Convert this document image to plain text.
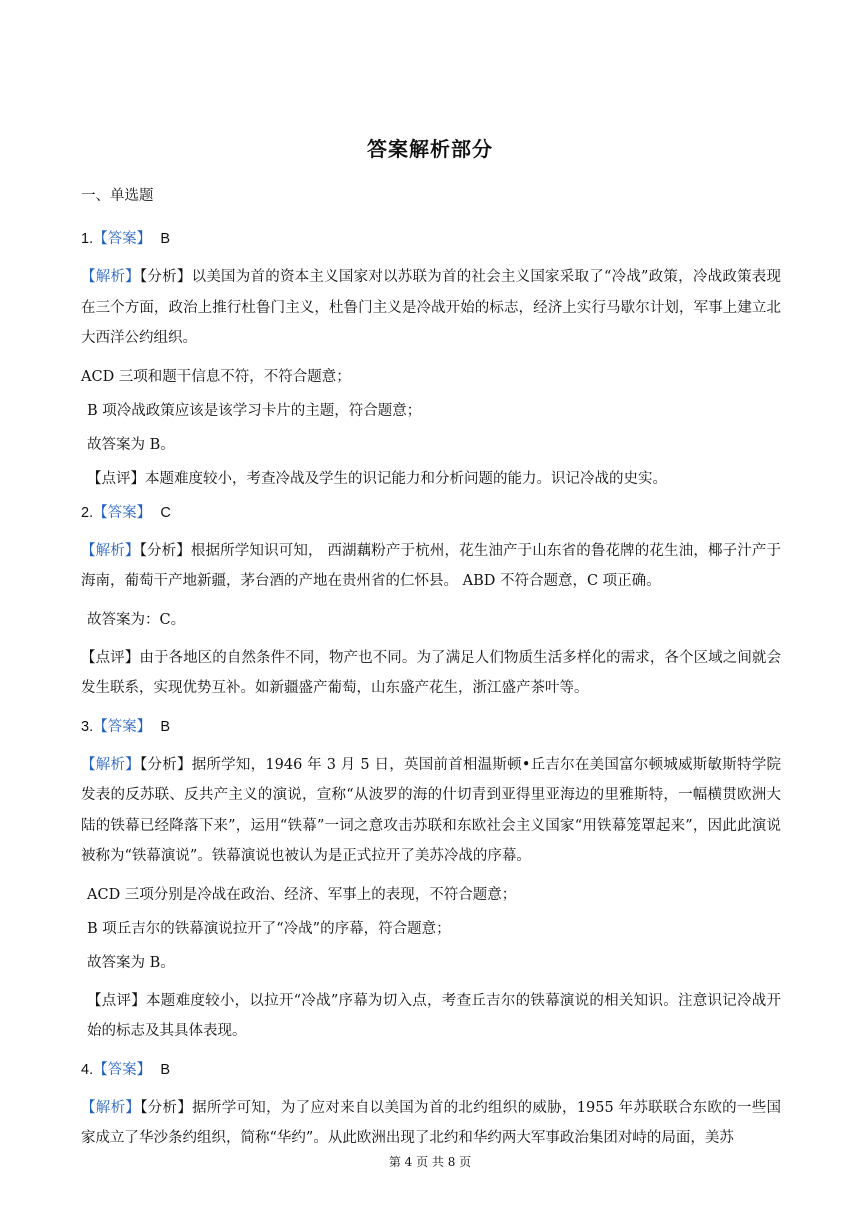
答案解析部分
一、单选题
1.【答案】 B
【解析】【分析】以美国为首的资本主义国家对以苏联为首的社会主义国家采取了“冷战”政策，冷战政策表现在三个方面，政治上推行杜鲁门主义，杜鲁门主义是冷战开始的标志，经济上实行马歇尔计划，军事上建立北大西洋公约组织。
ACD 三项和题干信息不符，不符合题意；
B 项冷战政策应该是该学习卡片的主题，符合题意；
故答案为 B。
【点评】本题难度较小，考查冷战及学生的识记能力和分析问题的能力。识记冷战的史实。
2.【答案】 C
【解析】【分析】根据所学知识可知， 西湖藕粉产于杭州，花生油产于山东省的鲁花牌的花生油，椰子汁产于海南，葡萄干产地新疆，茅台酒的产地在贵州省的仁怀县。 ABD 不符合题意，C 项正确。
故答案为：C。
【点评】由于各地区的自然条件不同，物产也不同。为了满足人们物质生活多样化的需求，各个区域之间就会发生联系，实现优势互补。如新疆盛产葡萄，山东盛产花生，浙江盛产茶叶等。
3.【答案】 B
【解析】【分析】据所学知，1946 年 3 月 5 日，英国前首相温斯顿•丘吉尔在美国富尔顿城威斯敏斯特学院发表的反苏联、反共产主义的演说，宣称“从波罗的海的什切青到亚得里亚海边的里雅斯特，一幅横贯欧洲大陆的铁幕已经降落下来”，运用“铁幕”一词之意攻击苏联和东欧社会主义国家“用铁幕笼罩起来”，因此此演说被称为“铁幕演说”。铁幕演说也被认为是正式拉开了美苏冷战的序幕。
ACD 三项分别是冷战在政治、经济、军事上的表现，不符合题意；
B 项丘吉尔的铁幕演说拉开了“冷战”的序幕，符合题意；
故答案为 B。
【点评】本题难度较小，以拉开“冷战”序幕为切入点，考查丘吉尔的铁幕演说的相关知识。注意识记冷战开始的标志及其具体表现。
4.【答案】 B
【解析】【分析】据所学可知，为了应对来自以美国为首的北约组织的威胁，1955 年苏联联合东欧的一些国家成立了华沙条约组织，简称“华约”。从此欧洲出现了北约和华约两大军事政治集团对峙的局面，美苏
第 4 页 共 8 页
